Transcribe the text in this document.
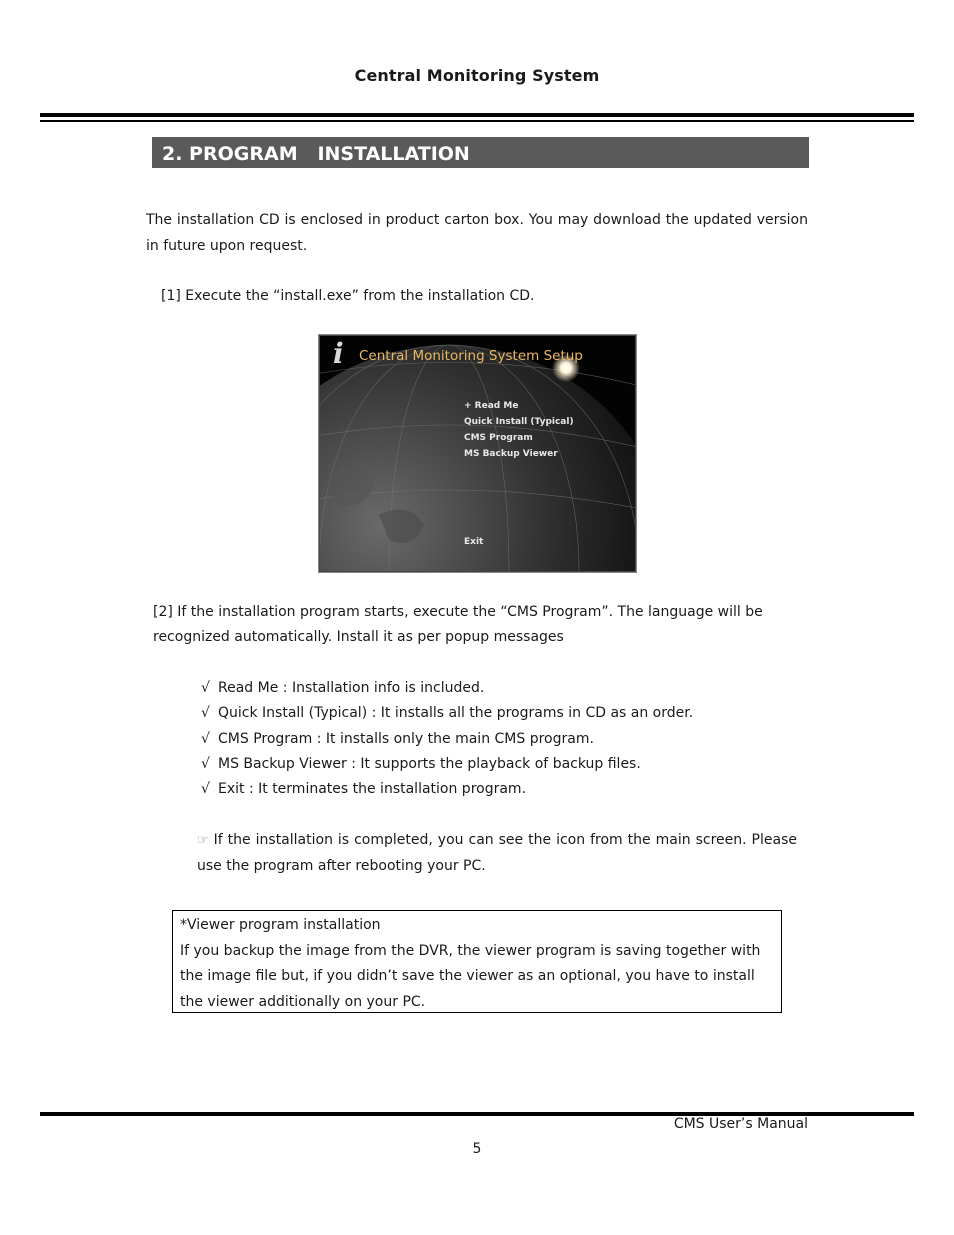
Central Monitoring System
2. PROGRAM   INSTALLATION
The installation CD is enclosed in product carton box. You may download the updated version in future upon request.
[1] Execute the “install.exe” from the installation CD.
i Central Monitoring System Setup
+ Read Me
Quick Install (Typical)
CMS Program
MS Backup Viewer
Exit
[2] If the installation program starts, execute the “CMS Program”. The language will be
recognized automatically. Install it as per popup messages
√ Read Me : Installation info is included.
√ Quick Install (Typical) : It installs all the programs in CD as an order.
√ CMS Program : It installs only the main CMS program.
√ MS Backup Viewer : It supports the playback of backup files.
√ Exit : It terminates the installation program.
☞ If the installation is completed, you can see the icon from the main screen. Please use the program after rebooting your PC.
*Viewer program installation
If you backup the image from the DVR, the viewer program is saving together with the image file but, if you didn’t save the viewer as an optional, you have to install the viewer additionally on your PC.
CMS User’s Manual
5
